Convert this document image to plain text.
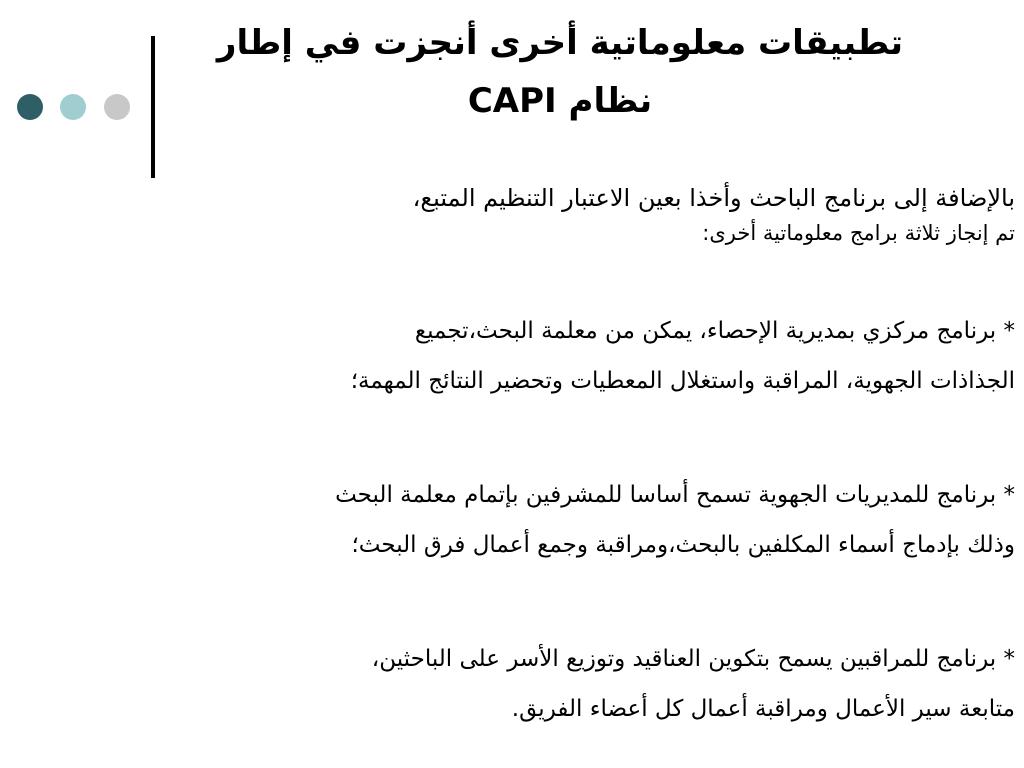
تطبيقات معلوماتية أخرى أنجزت في إطار
نظام CAPI
بالإضافة إلى برنامج الباحث وأخذا بعين الاعتبار التنظيم المتبع،
تم إنجاز ثلاثة برامج معلوماتية أخرى:
* برنامج مركزي بمديرية الإحصاء، يمكن من معلمة البحث،تجميع
الجذاذات الجهوية، المراقبة واستغلال المعطيات وتحضير النتائج المهمة؛
* برنامج للمديريات الجهوية تسمح أساسا للمشرفين بإتمام معلمة البحث
وذلك بإدماج أسماء المكلفين بالبحث،ومراقبة وجمع أعمال فرق البحث؛
* برنامج للمراقبين يسمح بتكوين العناقيد وتوزيع الأسر على الباحثين،
متابعة سير الأعمال ومراقبة أعمال كل أعضاء الفريق.
